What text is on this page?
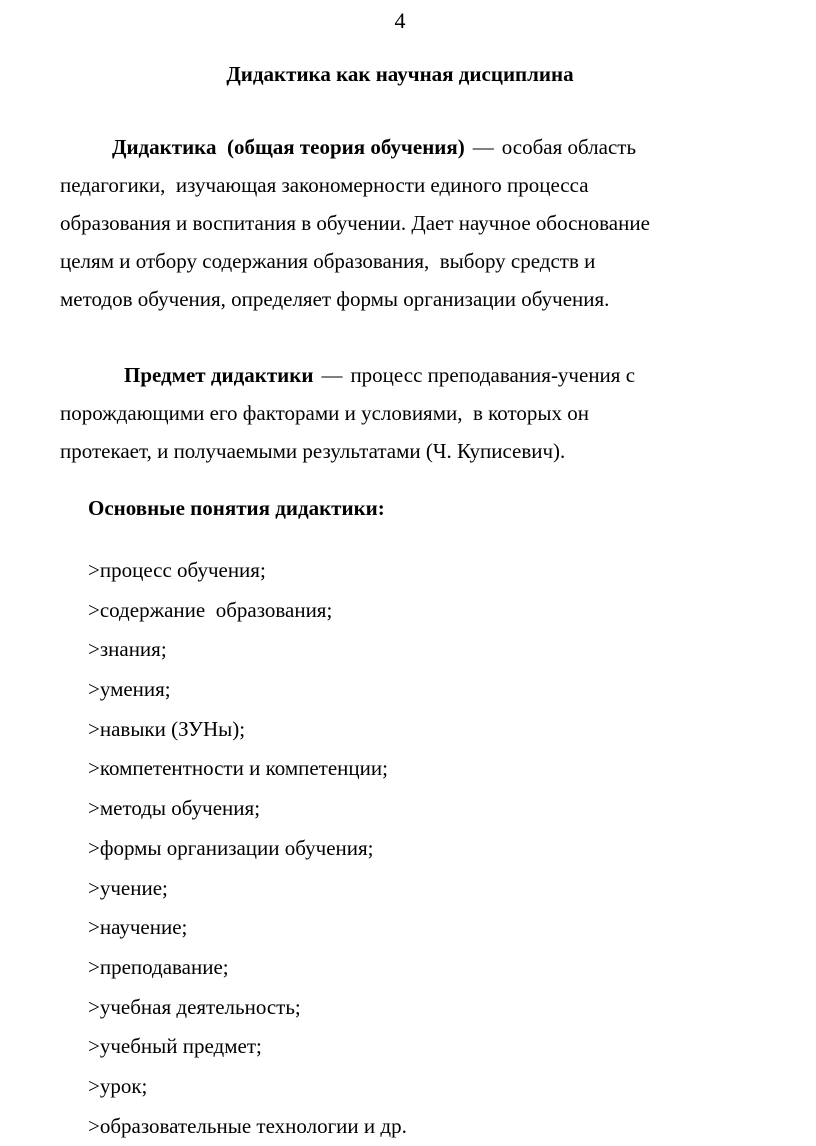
4
Дидактика как научная дисциплина
Дидактика (общая теория обучения) — особая область
педагогики,  изучающая закономерности единого процесса
образования и воспитания в обучении. Дает научное обоснование
целям и отбору содержания образования,  выбору средств и
методов обучения, определяет формы организации обучения.
Предмет дидактики — процесс преподавания-учения с
порождающими его факторами и условиями,  в которых он
протекает, и получаемыми результатами (Ч. Куписевич).
Основные понятия дидактики:
>процесс обучения;
>содержание  образования;
>знания;
>умения;
>навыки (ЗУНы);
>компетентности и компетенции;
>методы обучения;
>формы организации обучения;
>учение;
>научение;
>преподавание;
>учебная деятельность;
>учебный предмет;
>урок;
>образовательные технологии и др.
